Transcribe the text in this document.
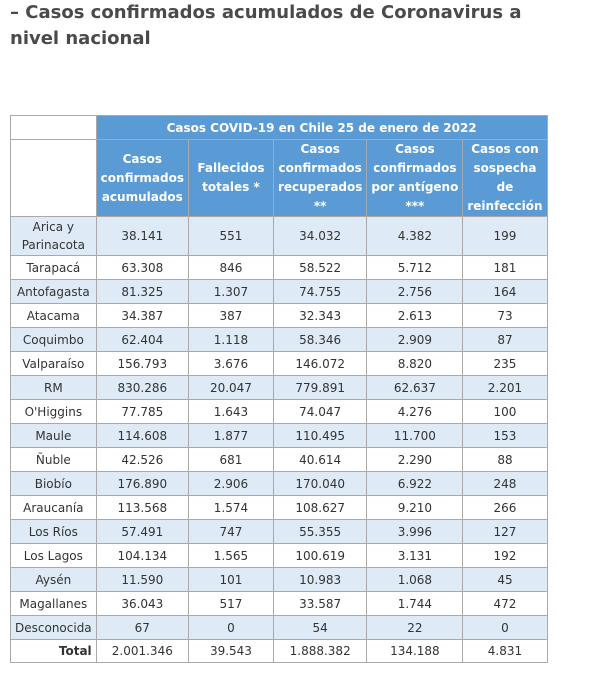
– Casos confirmados acumulados de Coronavirus a nivel nacional
	Casos COVID-19 en Chile 25 de enero de 2022				
	Casos confirmados acumulados	Fallecidos totales *	Casos confirmados recuperados **	Casos confirmados por antígeno ***	Casos con sospecha de reinfección
Arica y Parinacota	38.141	551	34.032	4.382	199
Tarapacá	63.308	846	58.522	5.712	181
Antofagasta	81.325	1.307	74.755	2.756	164
Atacama	34.387	387	32.343	2.613	73
Coquimbo	62.404	1.118	58.346	2.909	87
Valparaíso	156.793	3.676	146.072	8.820	235
RM	830.286	20.047	779.891	62.637	2.201
O'Higgins	77.785	1.643	74.047	4.276	100
Maule	114.608	1.877	110.495	11.700	153
Ñuble	42.526	681	40.614	2.290	88
Biobío	176.890	2.906	170.040	6.922	248
Araucanía	113.568	1.574	108.627	9.210	266
Los Ríos	57.491	747	55.355	3.996	127
Los Lagos	104.134	1.565	100.619	3.131	192
Aysén	11.590	101	10.983	1.068	45
Magallanes	36.043	517	33.587	1.744	472
Desconocida	67	0	54	22	0
Total	2.001.346	39.543	1.888.382	134.188	4.831
